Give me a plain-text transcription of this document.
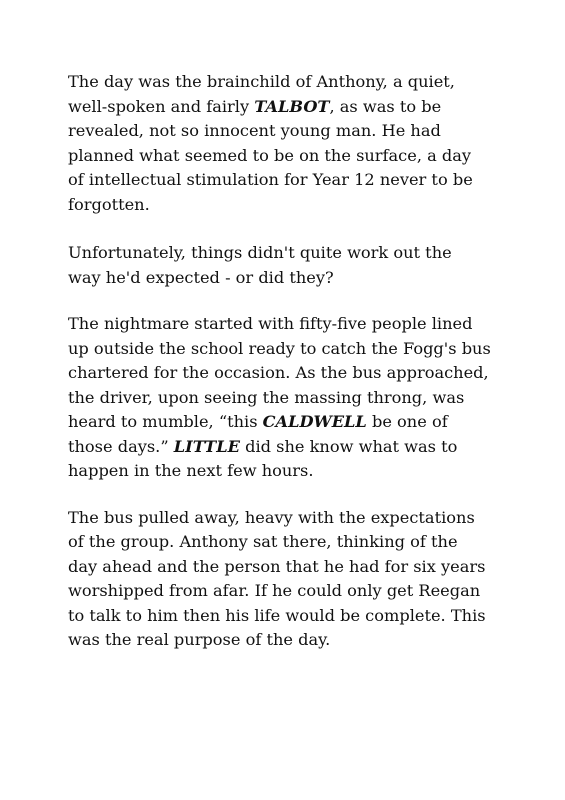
The day was the brainchild of Anthony, a quiet,
well-spoken and fairly TALBOT, as was to be
revealed, not so innocent young man. He had
planned what seemed to be on the surface, a day
of intellectual stimulation for Year 12 never to be
forgotten.

Unfortunately, things didn't quite work out the
way he'd expected - or did they?

The nightmare started with fifty-five people lined
up outside the school ready to catch the Fogg's bus
chartered for the occasion. As the bus approached,
the driver, upon seeing the massing throng, was
heard to mumble, “this CALDWELL be one of
those days.” LITTLE did she know what was to
happen in the next few hours.

The bus pulled away, heavy with the expectations
of the group. Anthony sat there, thinking of the
day ahead and the person that he had for six years
worshipped from afar. If he could only get Reegan
to talk to him then his life would be complete. This
was the real purpose of the day.
